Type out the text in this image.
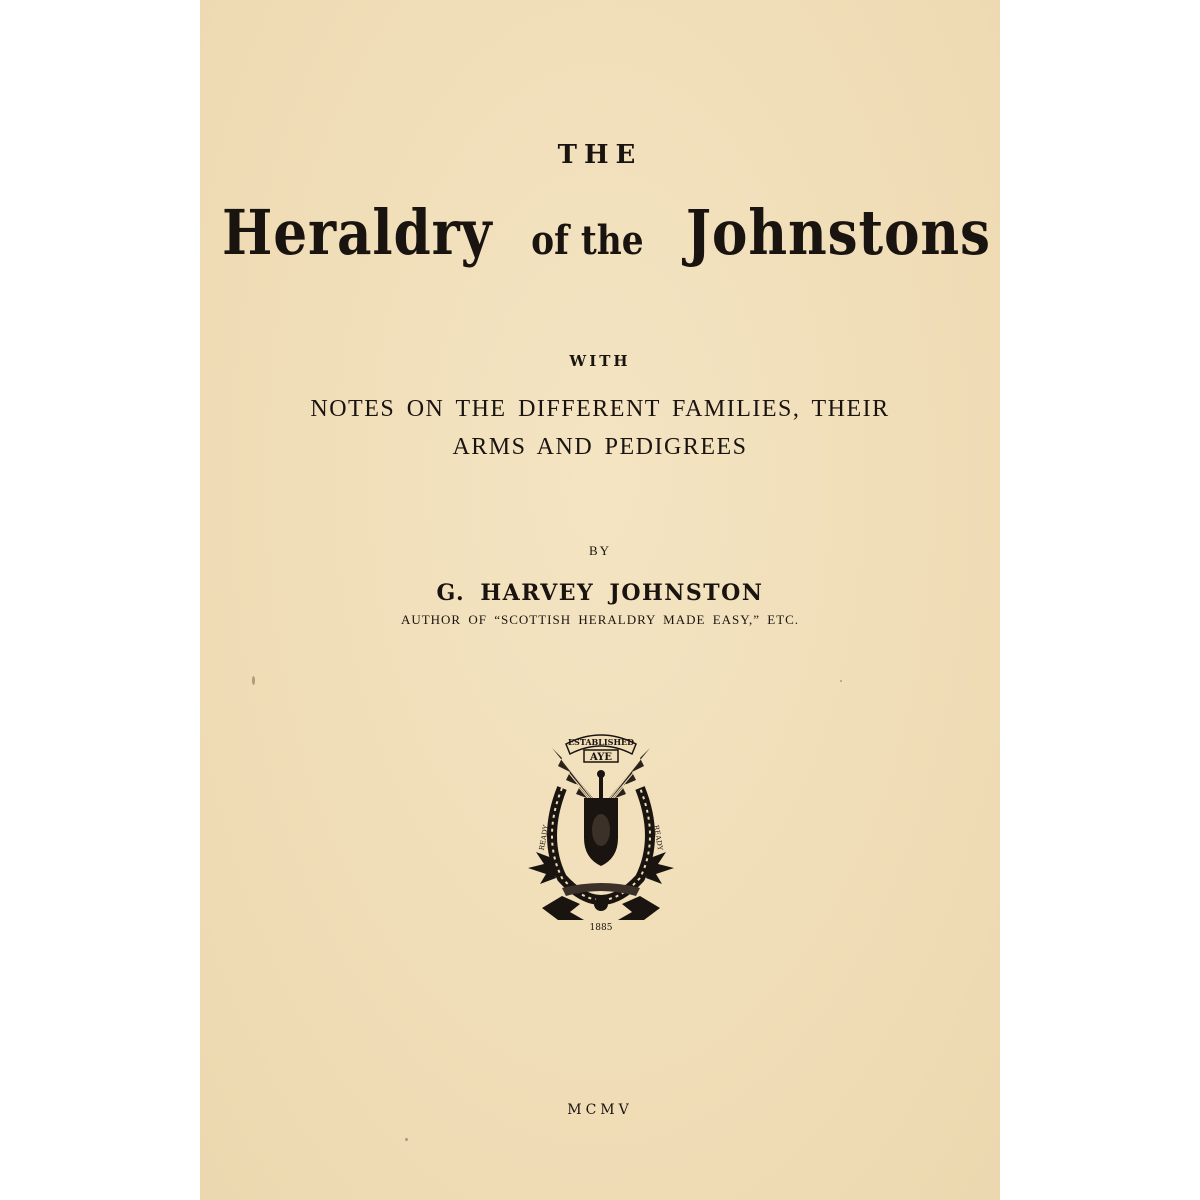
THE
Heraldry of the Johnstons
WITH
NOTES ON THE DIFFERENT FAMILIES, THEIR
ARMS AND PEDIGREES
BY
G. HARVEY JOHNSTON
AUTHOR OF “SCOTTISH HERALDRY MADE EASY,” ETC.
ESTABLISHED
AYE
READY	READY
1885
MCMV
